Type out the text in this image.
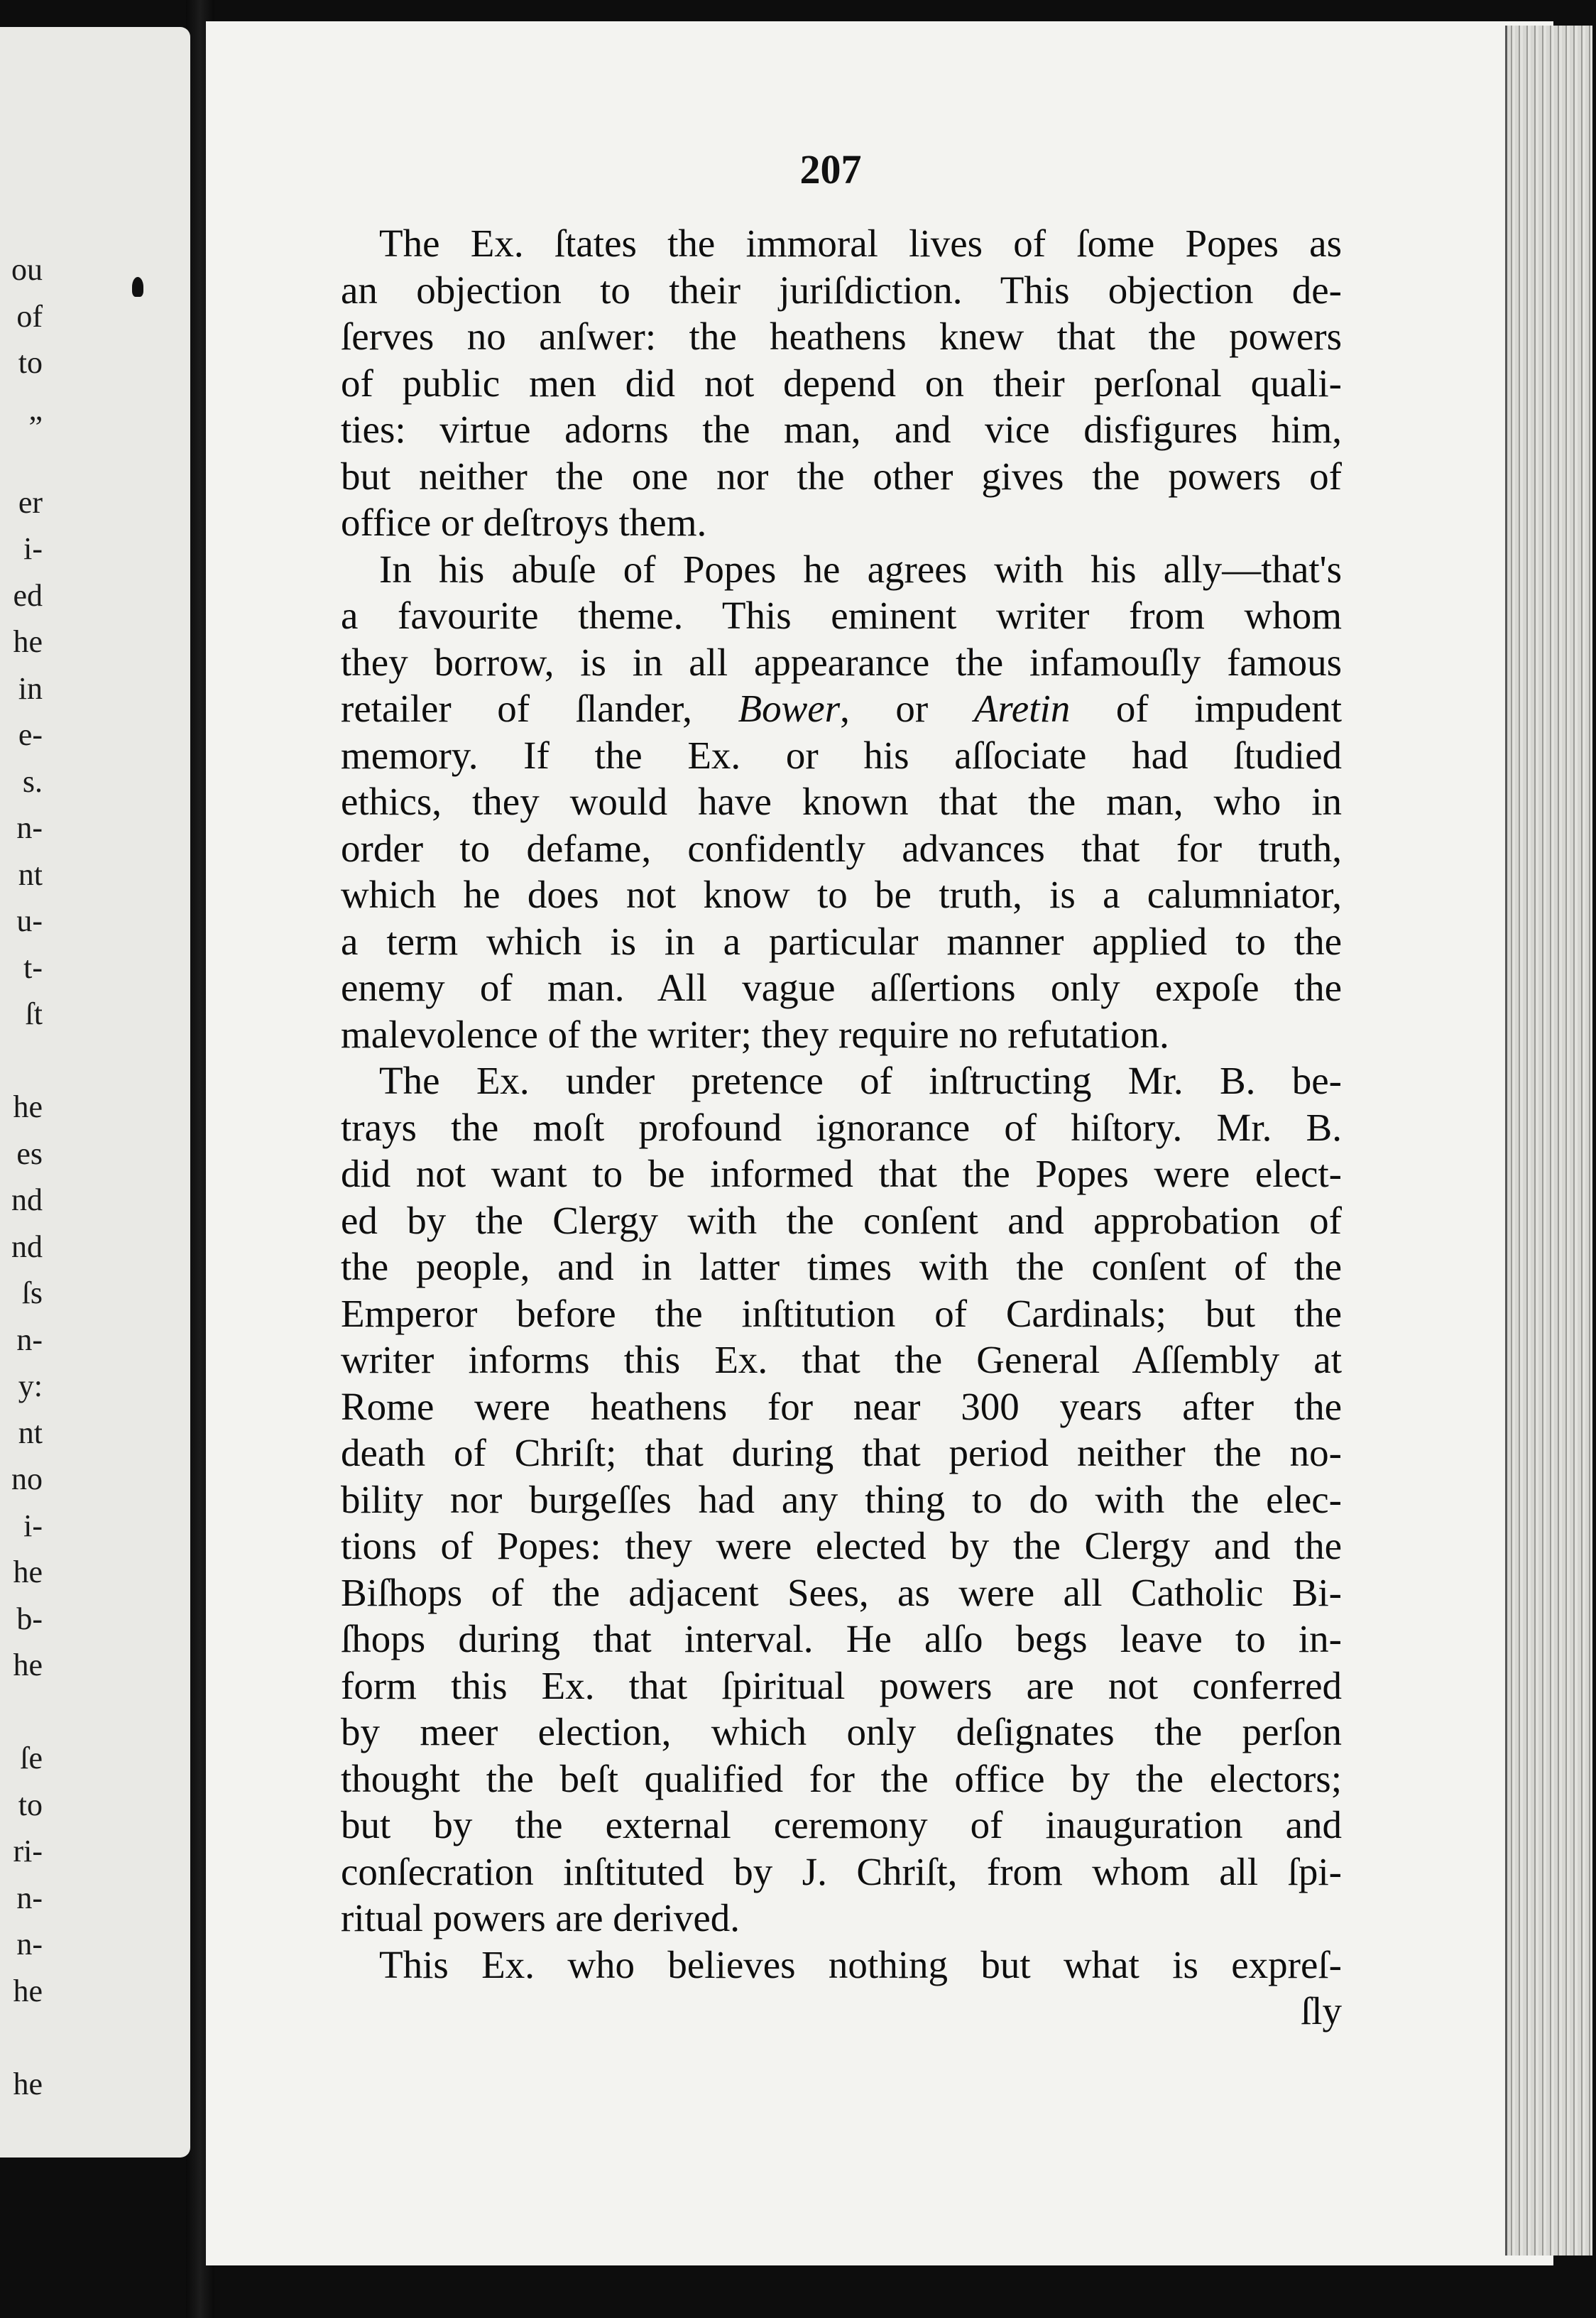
ou
of
to
„
er
i-
ed
he
in
e-
s.
n-
nt
u-
t-
ſt
he
es
nd
nd
ſs
n-
y:
nt
no
i-
he
b-
he
ſe
to
ri-
n-
n-
he
he
207
The Ex. ſtates the immoral lives of ſome Popes as
an objection to their juriſdiction. This objection de-
ſerves no anſwer: the heathens knew that the powers
of public men did not depend on their perſonal quali-
ties: virtue adorns the man, and vice disfigures him,
but neither the one nor the other gives the powers of
office or deſtroys them.
In his abuſe of Popes he agrees with his ally—that's
a favourite theme. This eminent writer from whom
they borrow, is in all appearance the infamouſly famous
retailer of ſlander, Bower, or Aretin of impudent
memory. If the Ex. or his aſſociate had ſtudied
ethics, they would have known that the man, who in
order to defame, confidently advances that for truth,
which he does not know to be truth, is a calumniator,
a term which is in a particular manner applied to the
enemy of man. All vague aſſertions only expoſe the
malevolence of the writer; they require no refutation.
The Ex. under pretence of inſtructing Mr. B. be-
trays the moſt profound ignorance of hiſtory. Mr. B.
did not want to be informed that the Popes were elect-
ed by the Clergy with the conſent and approbation of
the people, and in latter times with the conſent of the
Emperor before the inſtitution of Cardinals; but the
writer informs this Ex. that the General Aſſembly at
Rome were heathens for near 300 years after the
death of Chriſt; that during that period neither the no-
bility nor burgeſſes had any thing to do with the elec-
tions of Popes: they were elected by the Clergy and the
Biſhops of the adjacent Sees, as were all Catholic Bi-
ſhops during that interval. He alſo begs leave to in-
form this Ex. that ſpiritual powers are not conferred
by meer election, which only deſignates the perſon
thought the beſt qualified for the office by the electors;
but by the external ceremony of inauguration and
conſecration inſtituted by J. Chriſt, from whom all ſpi-
ritual powers are derived.
This Ex. who believes nothing but what is expreſ-
ſly
